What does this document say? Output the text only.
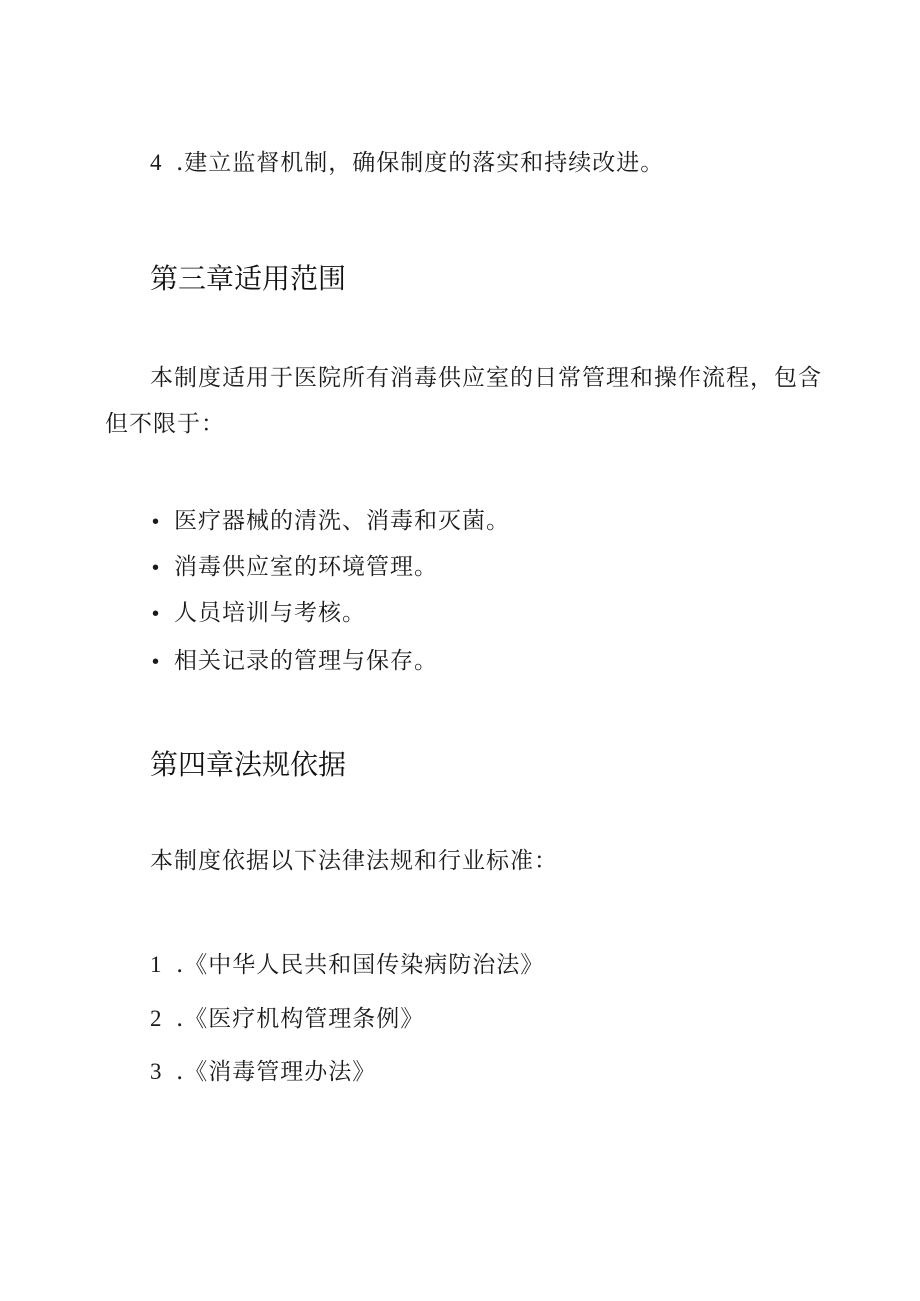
4 .建立监督机制，确保制度的落实和持续改进。
第三章适用范围
本制度适用于医院所有消毒供应室的日常管理和操作流程，包含
但不限于：
• 医疗器械的清洗、消毒和灭菌。
• 消毒供应室的环境管理。
• 人员培训与考核。
• 相关记录的管理与保存。
第四章法规依据
本制度依据以下法律法规和行业标准：
1 .《中华人民共和国传染病防治法》
2 .《医疗机构管理条例》
3 .《消毒管理办法》
